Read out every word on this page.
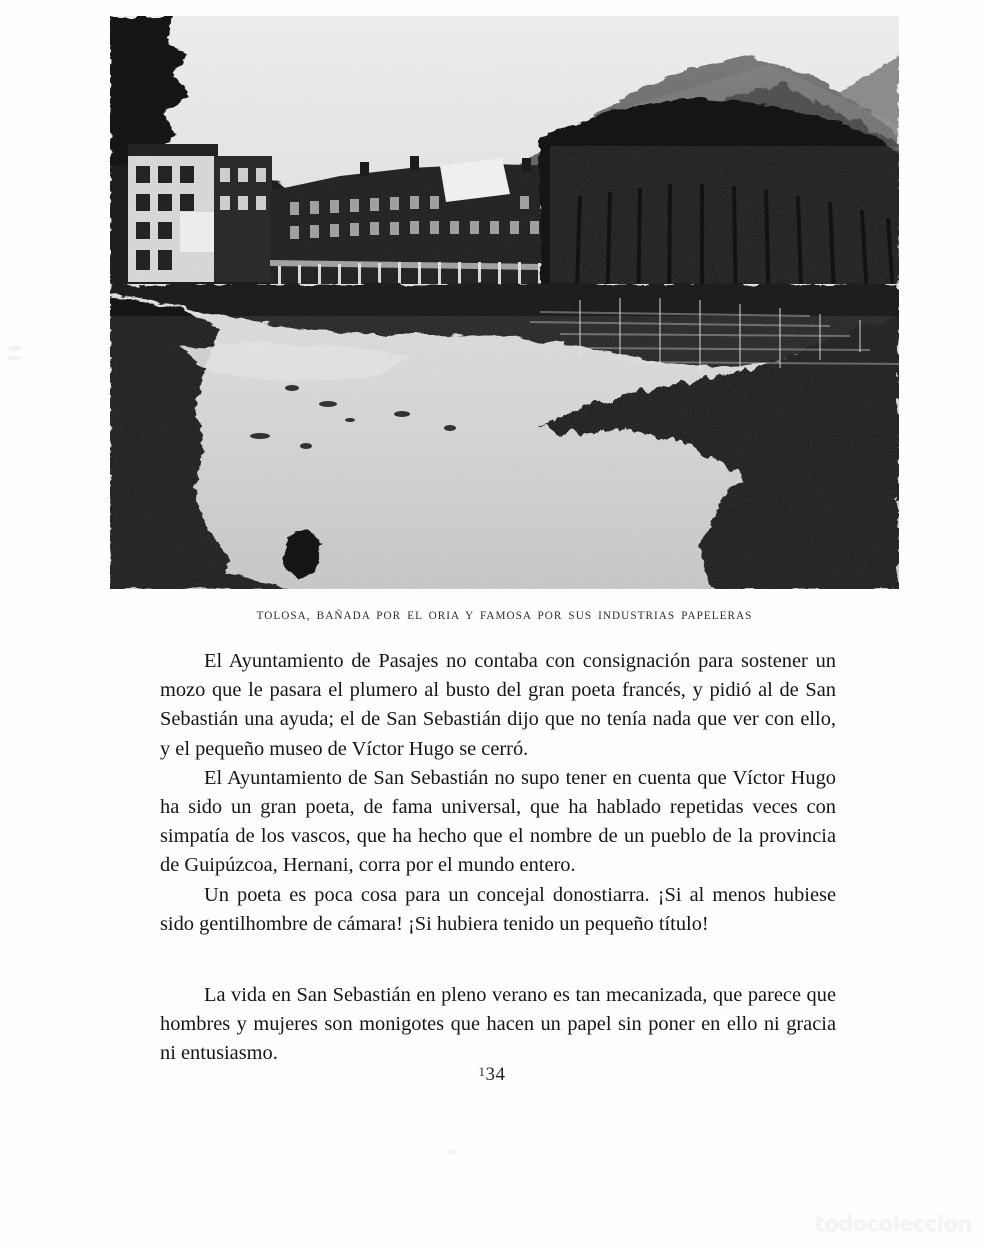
TOLOSA, BAÑADA POR EL ORIA Y FAMOSA POR SUS INDUSTRIAS PAPELERAS

El Ayuntamiento de Pasajes no contaba con consignación para sostener un mozo que le pasara el plumero al busto del gran poeta francés, y pidió al de San Sebastián una ayuda; el de San Sebastián dijo que no tenía nada que ver con ello, y el pequeño museo de Víctor Hugo se cerró.

El Ayuntamiento de San Sebastián no supo tener en cuenta que Víctor Hugo ha sido un gran poeta, de fama universal, que ha hablado repetidas veces con simpatía de los vascos, que ha hecho que el nombre de un pueblo de la provincia de Guipúzcoa, Hernani, corra por el mundo entero.

Un poeta es poca cosa para un concejal donostiarra. ¡Si al menos hubiese sido gentilhombre de cámara! ¡Si hubiera tenido un pequeño título!

La vida en San Sebastián en pleno verano es tan mecanizada, que parece que hombres y mujeres son monigotes que hacen un papel sin poner en ello ni gracia ni entusiasmo.

$^1$34
todocoleccion
